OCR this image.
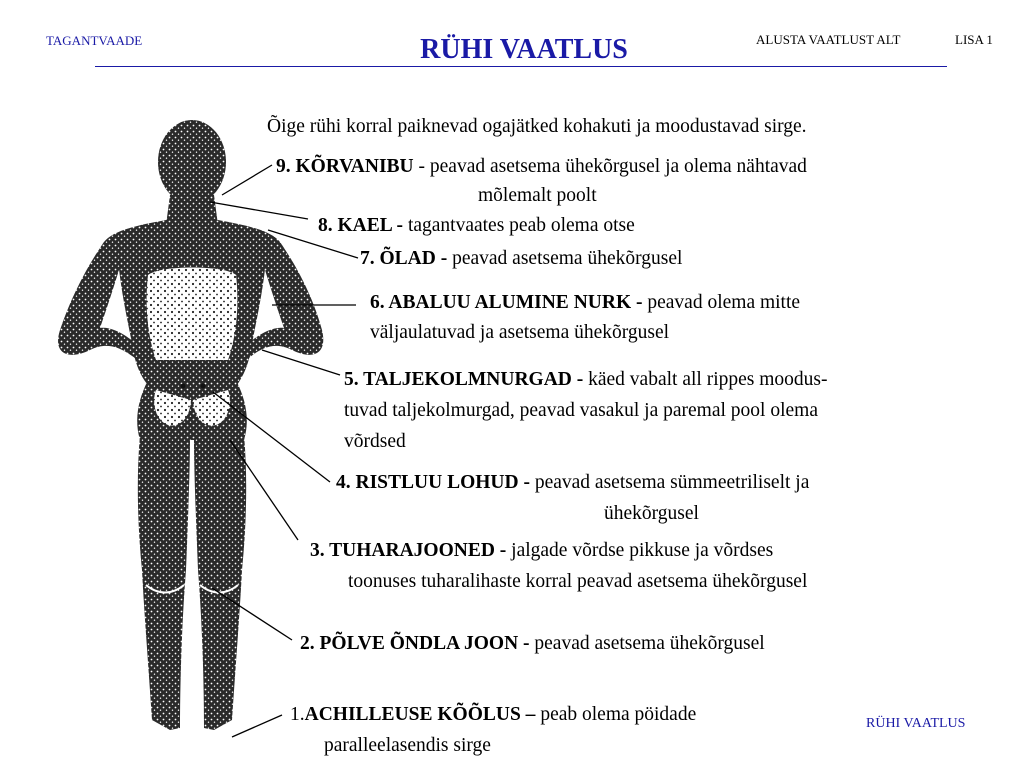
TAGANTVAADE	RÜHI VAATLUS	ALUSTA VAATLUST ALT	LISA 1
Õige rühi korral paiknevad ogajätked kohakuti ja moodustavad sirge.
9. KÕRVANIBU - peavad asetsema ühekõrgusel ja olema nähtavad
mõlemalt poolt
8. KAEL - tagantvaates peab olema otse
7. ÕLAD - peavad asetsema ühekõrgusel
6. ABALUU ALUMINE NURK - peavad olema mitte
väljaulatuvad ja asetsema ühekõrgusel
5. TALJEKOLMNURGAD - käed vabalt all rippes moodus-
tuvad taljekolmurgad, peavad vasakul ja paremal pool olema
võrdsed
4. RISTLUU LOHUD - peavad asetsema sümmeetriliselt ja
ühekõrgusel
3. TUHARAJOONED - jalgade võrdse pikkuse ja võrdses
toonuses tuharalihaste korral peavad asetsema ühekõrgusel
2. PÕLVE ÕNDLA JOON - peavad asetsema ühekõrgusel
1.ACHILLEUSE KÕÕLUS – peab olema pöidade
paralleelasendis sirge
RÜHI VAATLUS
